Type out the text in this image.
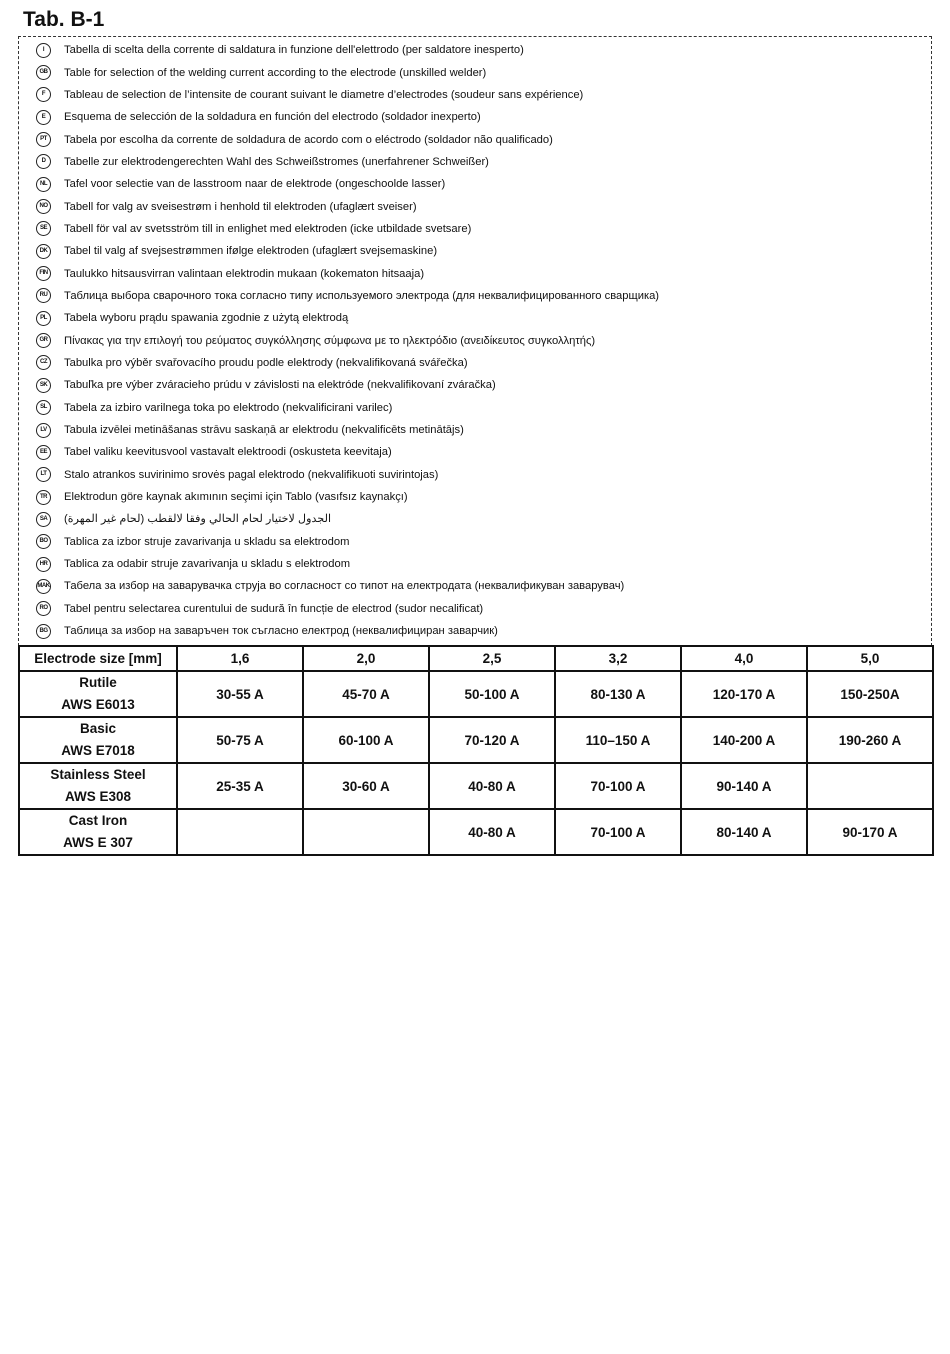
Tab. B-1
I	Tabella di scelta della corrente di saldatura in funzione dell'elettrodo (per saldatore inesperto)
GB	Table for selection of the welding current according to the electrode (unskilled welder)
F	Tableau de selection de l’intensite de courant suivant le diametre d’electrodes (soudeur sans expérience)
E	Esquema de selección de la soldadura en función del electrodo (soldador inexperto)
PT	Tabela por escolha da corrente de soldadura de acordo com o eléctrodo (soldador não qualificado)
D	Tabelle zur elektrodengerechten Wahl des Schweißstromes (unerfahrener Schweißer)
NL	Tafel voor selectie van de lasstroom naar de elektrode (ongeschoolde lasser)
NO	Tabell for valg av sveisestrøm i henhold til elektroden (ufaglært sveiser)
SE	Tabell för val av svetsström till in enlighet med elektroden (icke utbildade svetsare)
DK	Tabel til valg af svejsestrømmen ifølge elektroden (ufaglært svejsemaskine)
FIN	Taulukko hitsausvirran valintaan elektrodin mukaan (kokematon hitsaaja)
RU	Таблица выбора сварочного тока согласно типу используемого электрода (для неквалифицированного сварщика)
PL	Tabela wyboru prądu spawania zgodnie z użytą elektrodą
GR	Πίνακας για την επιλογή του ρεύματος συγκόλλησης σύμφωνα με το ηλεκτρόδιο (ανειδίκευτος συγκολλητής)
CZ	Tabulka pro výběr svařovacího proudu podle elektrody (nekvalifikovaná svářečka)
SK	Tabuľka pre výber zváracieho prúdu v závislosti na elektróde (nekvalifikovaní zváračka)
SL	Tabela za izbiro varilnega toka po elektrodo (nekvalificirani varilec)
LV	Tabula izvēlei metināšanas strāvu saskaņā ar elektrodu (nekvalificēts metinātājs)
EE	Tabel valiku keevitusvool vastavalt elektroodi (oskusteta keevitaja)
LT	Stalo atrankos suvirinimo srovės pagal elektrodo (nekvalifikuoti suvirintojas)
TR	Elektrodun göre kaynak akımının seçimi için Tablo (vasıfsız kaynakçı)
SA	الجدول لاختيار لحام الحالي وفقا لالقطب (لحام غير المهرة)
BO	Tablica za izbor struje zavarivanja u skladu sa elektrodom
HR	Tablica za odabir struje zavarivanja u skladu s elektrodom
MAK Табела за избор на заварувачка струја во согласност со типот на електродата (неквалификуван заварувач)
RO	Tabel pentru selectarea curentului de sudură în funcție de electrod (sudor necalificat)
BG	Таблица за избор на заваръчен ток съгласно електрод (неквалифициран заварчик)
Electrode size [mm]	1,6	2,0	2,5	3,2	4,0	5,0

Rutile
AWS E6013	30-55 A	45-70 A	50-100 A	80-130 A	120-170 A	150-250A

Basic
AWS E7018	50-75 A	60-100 A	70-120 A	110–150 A	140-200 A	190-260 A

Stainless Steel
AWS E308	25-35 A	30-60 A	40-80 A	70-100 A	90-140 A	

Cast Iron
AWS E 307			40-80 A	70-100 A	80-140 A	90-170 A
